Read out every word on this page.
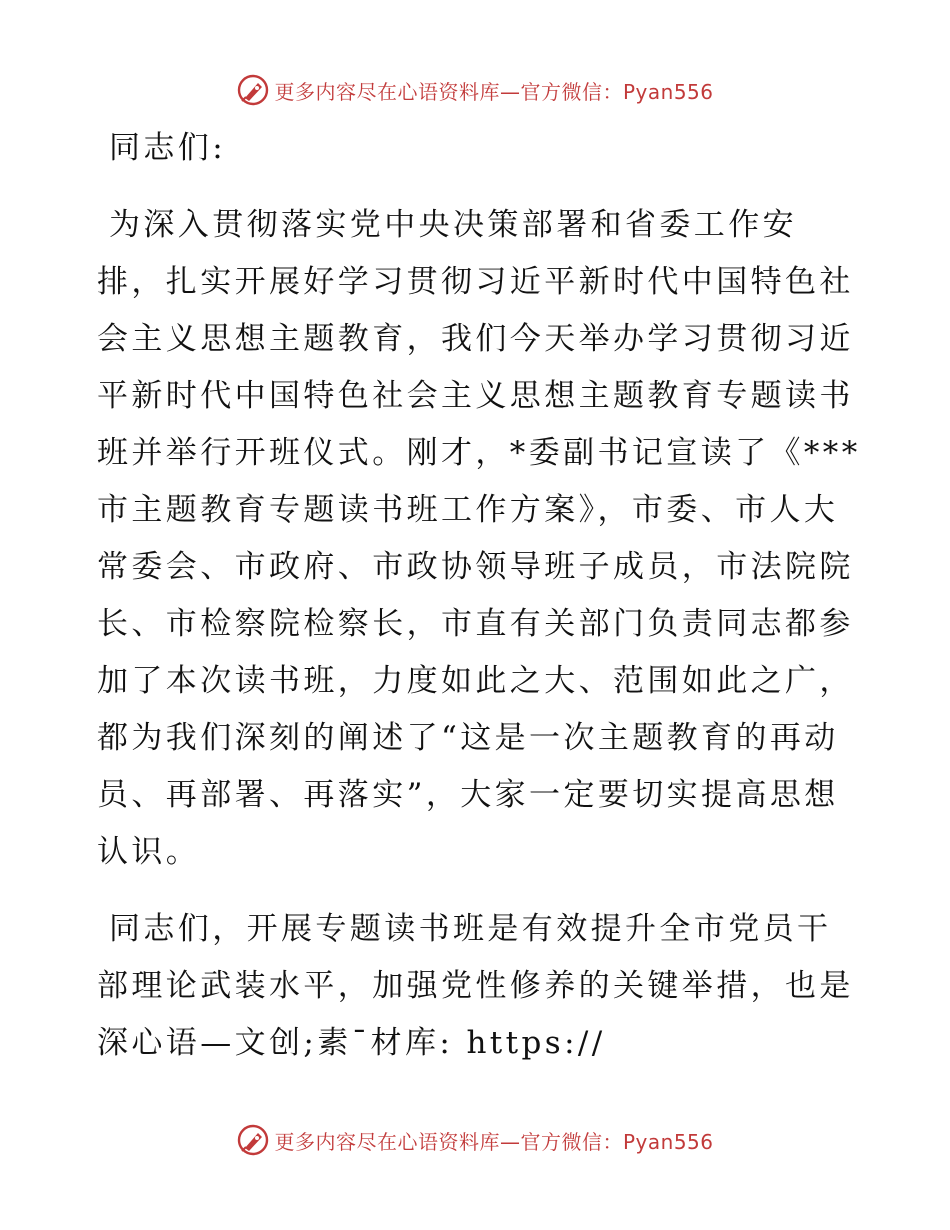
更多内容尽在心语资料库—官方微信：Pyan556

同志们:

为深入贯彻落实党中央决策部署和省委工作安

排，扎实开展好学习贯彻习近平新时代中国特色社

会主义思想主题教育，我们今天举办学习贯彻习近

平新时代中国特色社会主义思想主题教育专题读书

班并举行开班仪式。刚才，*委副书记宣读了《***

市主题教育专题读书班工作方案》，市委、市人大

常委会、市政府、市政协领导班子成员，市法院院

长、市检察院检察长，市直有关部门负责同志都参

加了本次读书班，力度如此之大、范围如此之广，

都为我们深刻的阐述了“这是一次主题教育的再动

员、再部署、再落实”，大家一定要切实提高思想

认识。

同志们，开展专题读书班是有效提升全市党员干

部理论武装水平，加强党性修养的关键举措，也是

深心语—文创;素¯材库: https://

更多内容尽在心语资料库—官方微信：Pyan556
